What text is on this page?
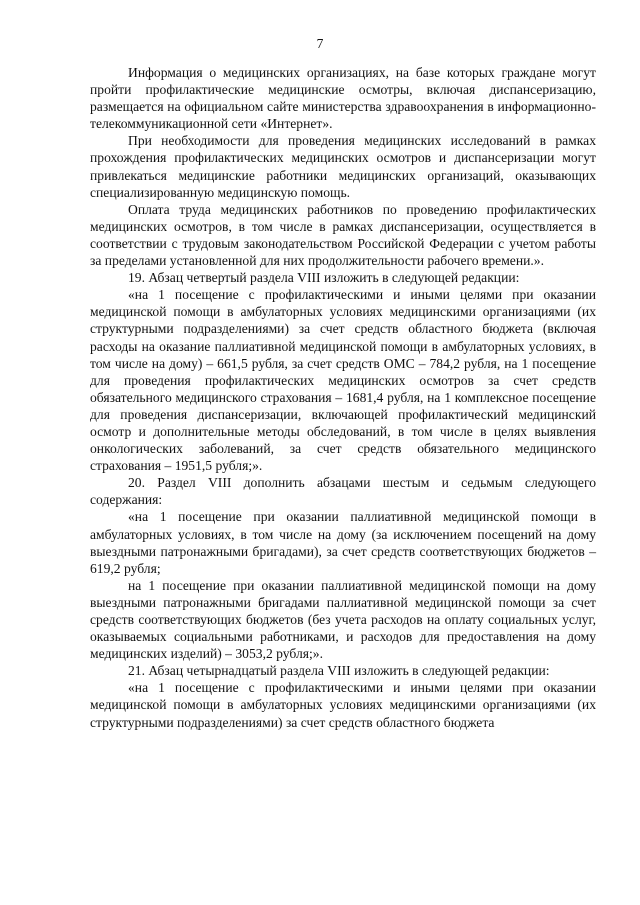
7

Информация о медицинских организациях, на базе которых граждане могут пройти профилактические медицинские осмотры, включая диспансеризацию, размещается на официальном сайте министерства здравоохранения в информационно-телекоммуникационной сети «Интернет».

При необходимости для проведения медицинских исследований в рамках прохождения профилактических медицинских осмотров и диспансеризации могут привлекаться медицинские работники медицинских организаций, оказывающих специализированную медицинскую помощь.

Оплата труда медицинских работников по проведению профилактических медицинских осмотров, в том числе в рамках диспансеризации, осуществляется в соответствии с трудовым законодательством Российской Федерации с учетом работы за пределами установленной для них продолжительности рабочего времени.».

19. Абзац четвертый раздела VIII изложить в следующей редакции:

«на 1 посещение с профилактическими и иными целями при оказании медицинской помощи в амбулаторных условиях медицинскими организациями (их структурными подразделениями) за счет средств областного бюджета (включая расходы на оказание паллиативной медицинской помощи в амбулаторных условиях, в том числе на дому) – 661,5 рубля, за счет средств ОМС – 784,2 рубля, на 1 посещение для проведения профилактических медицинских осмотров за счет средств обязательного медицинского страхования – 1681,4 рубля, на 1 комплексное посещение для проведения диспансеризации, включающей профилактический медицинский осмотр и дополнительные методы обследований, в том числе в целях выявления онкологических заболеваний, за счет средств обязательного медицинского страхования – 1951,5 рубля;».

20. Раздел VIII дополнить абзацами шестым и седьмым следующего содержания:

«на 1 посещение при оказании паллиативной медицинской помощи в амбулаторных условиях, в том числе на дому (за исключением посещений на дому выездными патронажными бригадами), за счет средств соответствующих бюджетов – 619,2 рубля;

на 1 посещение при оказании паллиативной медицинской помощи на дому выездными патронажными бригадами паллиативной медицинской помощи за счет средств соответствующих бюджетов (без учета расходов на оплату социальных услуг, оказываемых социальными работниками, и расходов для предоставления на дому медицинских изделий) – 3053,2 рубля;».

21. Абзац четырнадцатый раздела VIII изложить в следующей редакции:

«на 1 посещение с профилактическими и иными целями при оказании медицинской помощи в амбулаторных условиях медицинскими организациями (их структурными подразделениями) за счет средств областного бюджета
